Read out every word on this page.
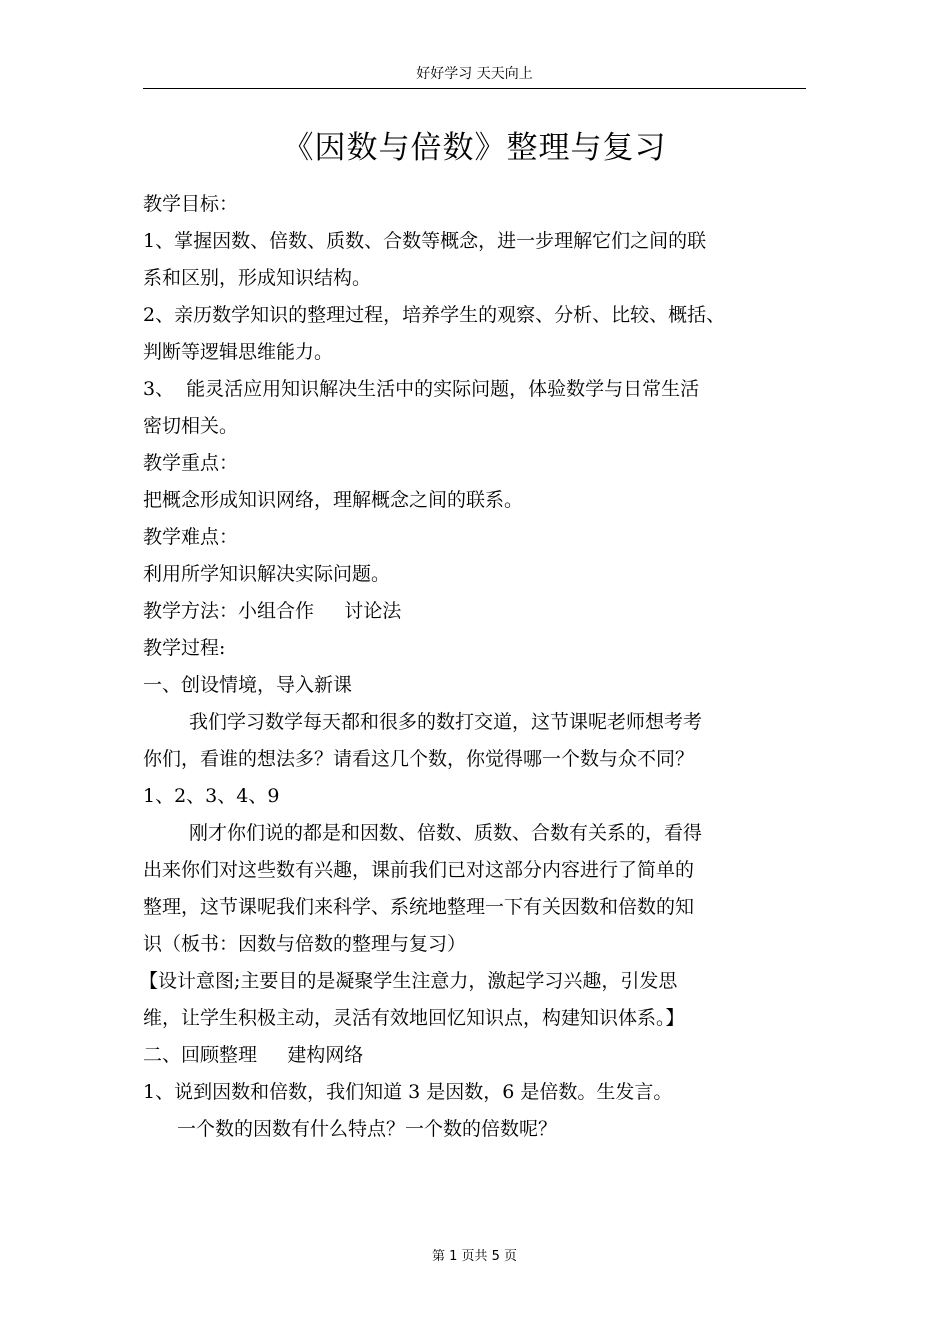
好好学习 天天向上
《因数与倍数》整理与复习

教学目标：

1、掌握因数、倍数、质数、合数等概念，进一步理解它们之间的联

系和区别，形成知识结构。

2、亲历数学知识的整理过程，培养学生的观察、分析、比较、概括、

判断等逻辑思维能力。

3、  能灵活应用知识解决生活中的实际问题，体验数学与日常生活

密切相关。

教学重点：

把概念形成知识网络，理解概念之间的联系。

教学难点：

利用所学知识解决实际问题。

教学方法：小组合作     讨论法

教学过程:

一、创设情境，导入新课

我们学习数学每天都和很多的数打交道，这节课呢老师想考考

你们，看谁的想法多？请看这几个数，你觉得哪一个数与众不同？

1、2、3、4、9

刚才你们说的都是和因数、倍数、质数、合数有关系的，看得

出来你们对这些数有兴趣，课前我们已对这部分内容进行了简单的

整理，这节课呢我们来科学、系统地整理一下有关因数和倍数的知

识（板书：因数与倍数的整理与复习）

【设计意图;主要目的是凝聚学生注意力，激起学习兴趣，引发思

维，让学生积极主动，灵活有效地回忆知识点，构建知识体系。】

二、回顾整理     建构网络

1、说到因数和倍数，我们知道 3 是因数，6 是倍数。生发言。

一个数的因数有什么特点？一个数的倍数呢？

第 1 页共 5 页
